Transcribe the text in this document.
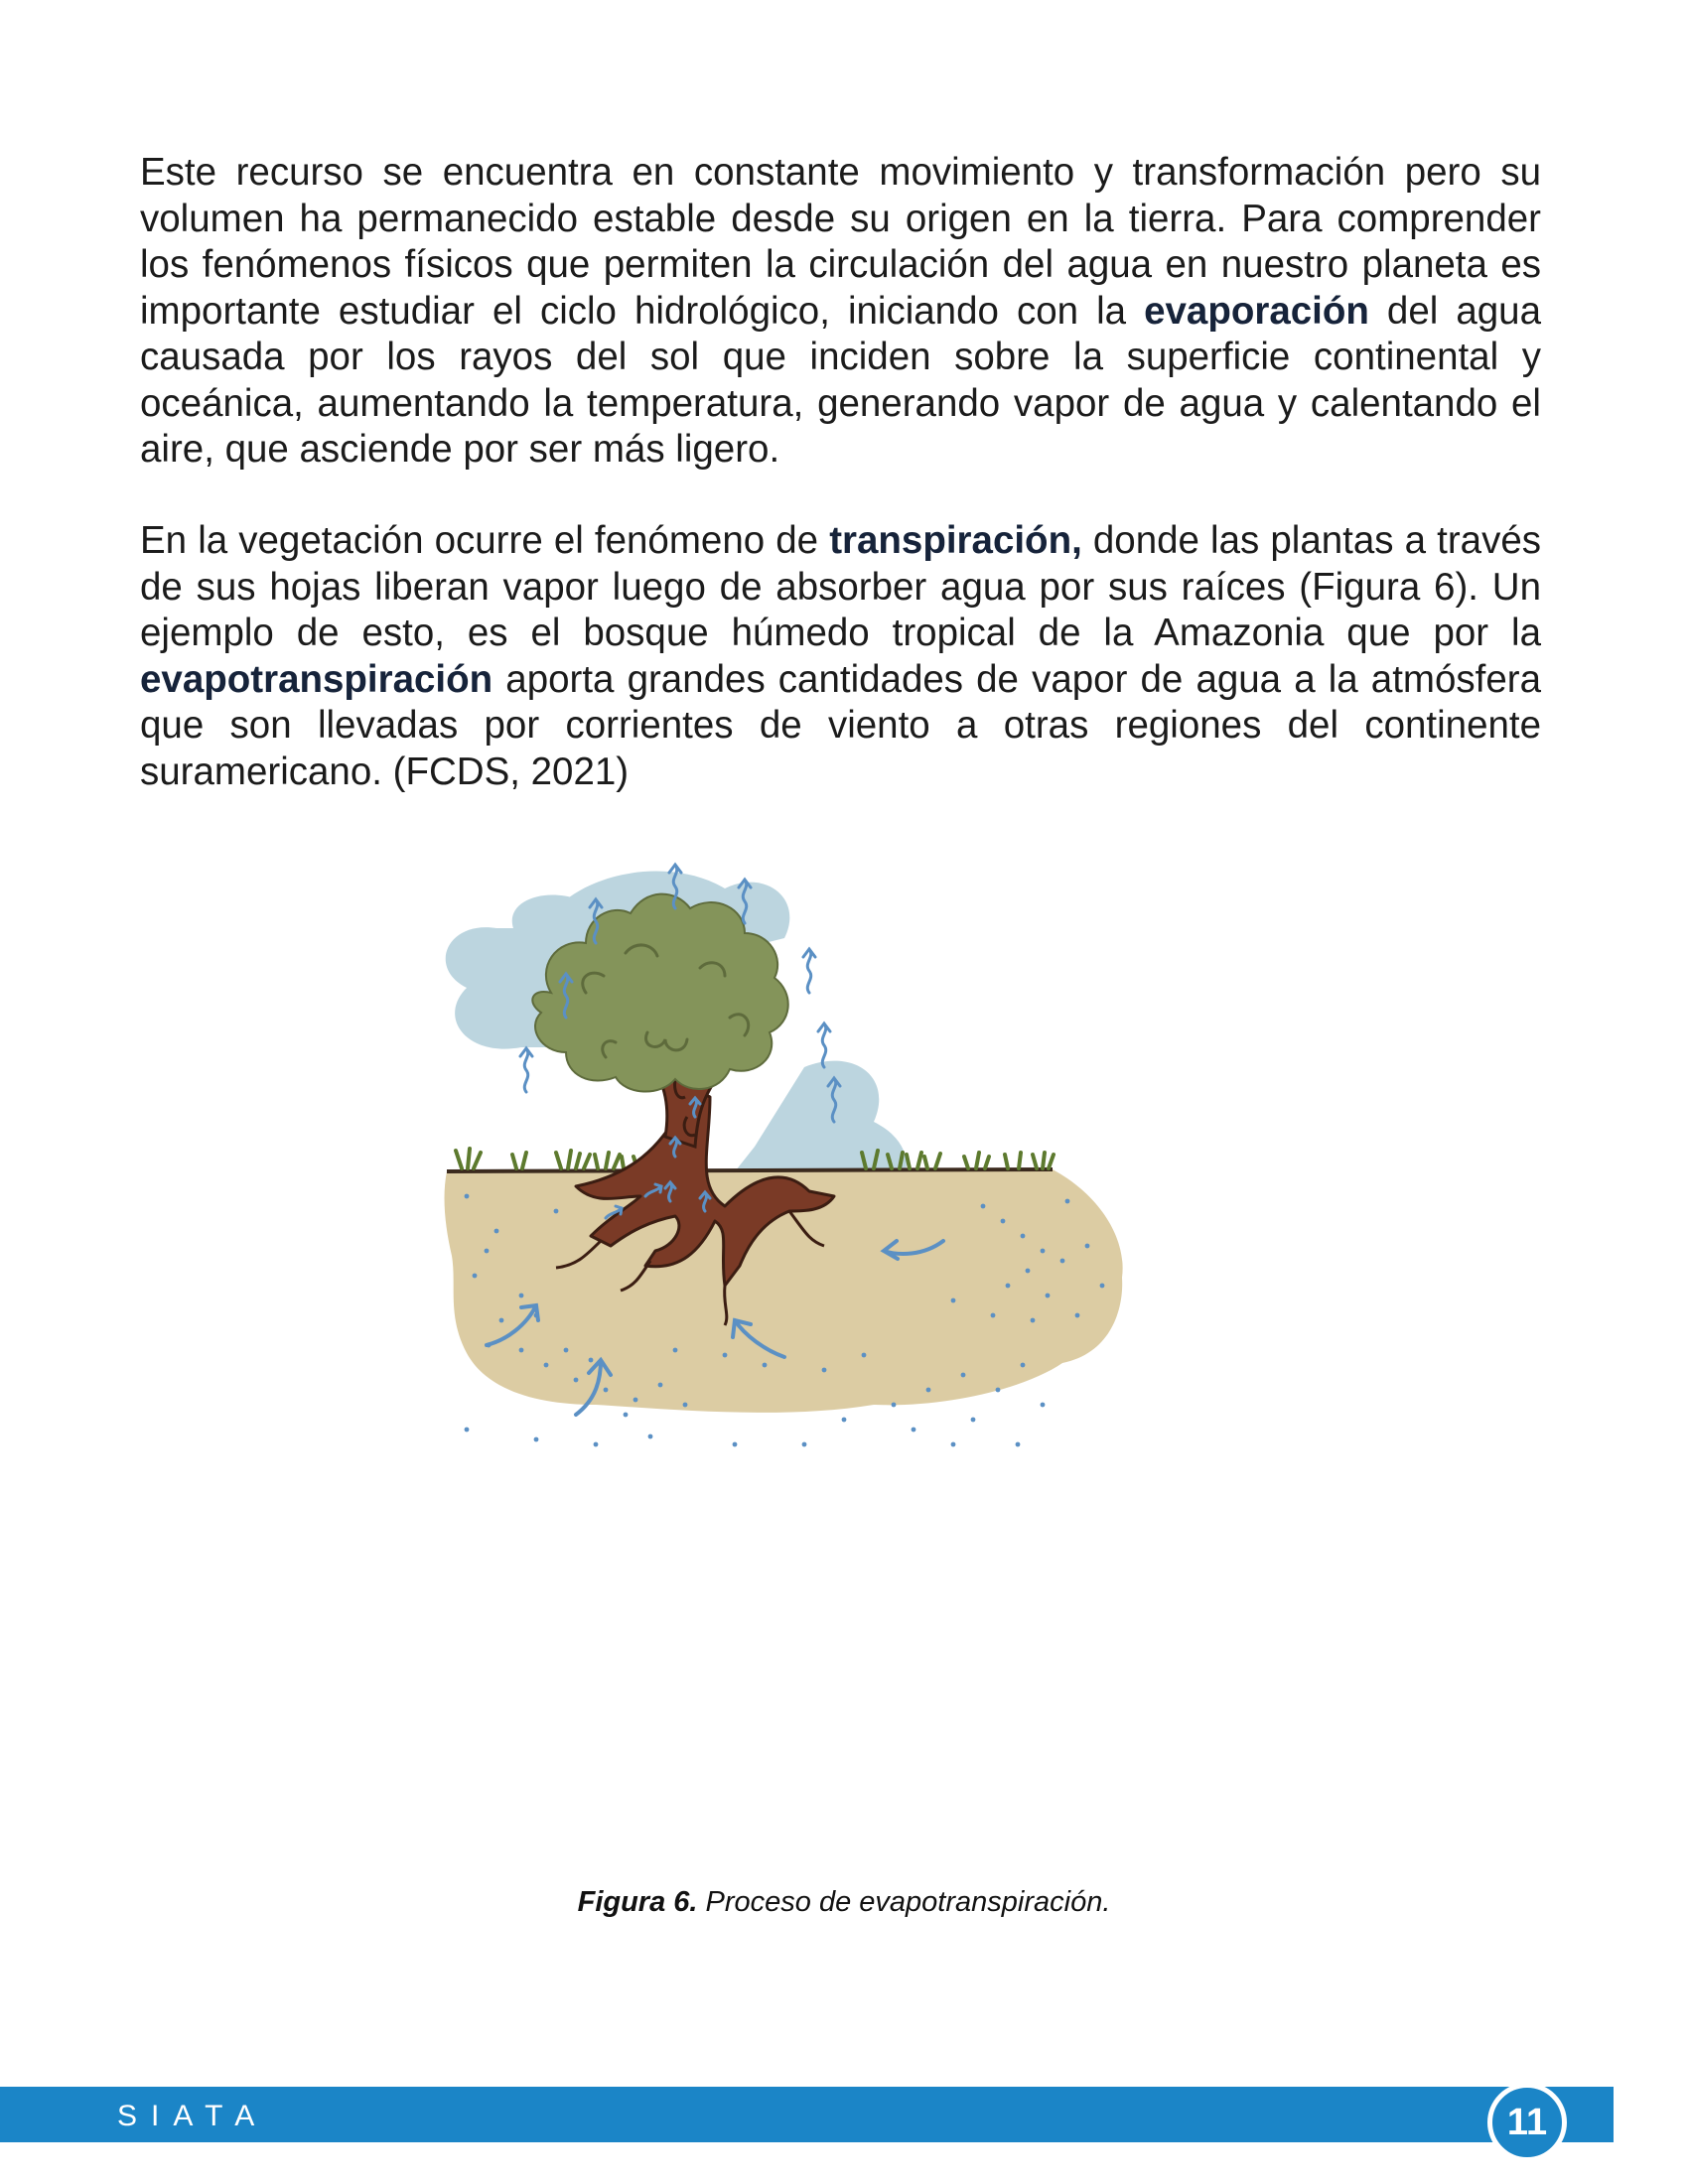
Este recurso se encuentra en constante movimiento y transformación pero su volumen ha permanecido estable desde su origen en la tierra. Para comprender los fenómenos físicos que permiten la circulación del agua en nuestro planeta es importante estudiar el ciclo hidrológico, iniciando con la evaporación del agua causada por los rayos del sol que inciden sobre la superficie continental y oceánica, aumentando la temperatura, generando vapor de agua y calentando el aire, que asciende por ser más ligero.

En la vegetación ocurre el fenómeno de transpiración, donde las plantas a través de sus hojas liberan vapor luego de absorber agua por sus raíces (Figura 6). Un ejemplo de esto, es el bosque húmedo tropical de la Amazonia que por la evapotranspiración aporta grandes cantidades de vapor de agua a la atmósfera que son llevadas por corrientes de viento a otras regiones del continente suramericano. (FCDS, 2021)

Figura 6. Proceso de evapotranspiración.
SIATA	11
